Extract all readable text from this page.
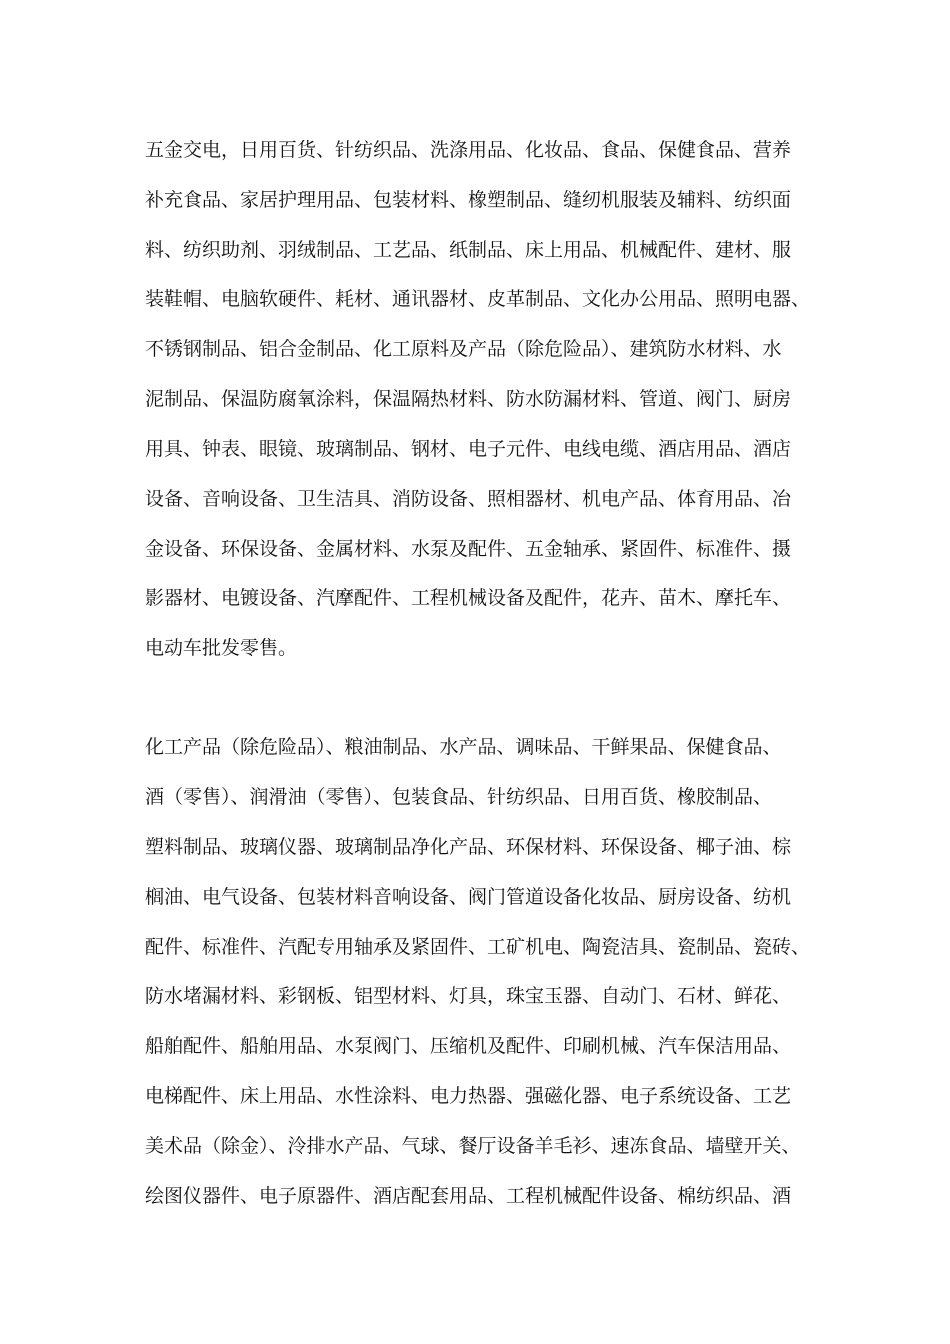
五金交电，日用百货、针纺织品、洗涤用品、化妆品、食品、保健食品、营养
补充食品、家居护理用品、包装材料、橡塑制品、缝纫机服装及辅料、纺织面
料、纺织助剂、羽绒制品、工艺品、纸制品、床上用品、机械配件、建材、服
装鞋帽、电脑软硬件、耗材、通讯器材、皮革制品、文化办公用品、照明电器、
不锈钢制品、铝合金制品、化工原料及产品（除危险品）、建筑防水材料、水
泥制品、保温防腐氧涂料，保温隔热材料、防水防漏材料、管道、阀门、厨房
用具、钟表、眼镜、玻璃制品、钢材、电子元件、电线电缆、酒店用品、酒店
设备、音响设备、卫生洁具、消防设备、照相器材、机电产品、体育用品、冶
金设备、环保设备、金属材料、水泵及配件、五金轴承、紧固件、标准件、摄
影器材、电镀设备、汽摩配件、工程机械设备及配件，花卉、苗木、摩托车、
电动车批发零售。
化工产品（除危险品）、粮油制品、水产品、调味品、干鲜果品、保健食品、
酒（零售）、润滑油（零售）、包装食品、针纺织品、日用百货、橡胶制品、
塑料制品、玻璃仪器、玻璃制品净化产品、环保材料、环保设备、椰子油、棕
榈油、电气设备、包装材料音响设备、阀门管道设备化妆品、厨房设备、纺机
配件、标准件、汽配专用轴承及紧固件、工矿机电、陶瓷洁具、瓷制品、瓷砖、
防水堵漏材料、彩钢板、铝型材料、灯具，珠宝玉器、自动门、石材、鲜花、
船舶配件、船舶用品、水泵阀门、压缩机及配件、印刷机械、汽车保洁用品、
电梯配件、床上用品、水性涂料、电力热器、强磁化器、电子系统设备、工艺
美术品（除金）、泠排水产品、气球、餐厅设备羊毛衫、速冻食品、墙壁开关、
绘图仪器件、电子原器件、酒店配套用品、工程机械配件设备、棉纺织品、酒
